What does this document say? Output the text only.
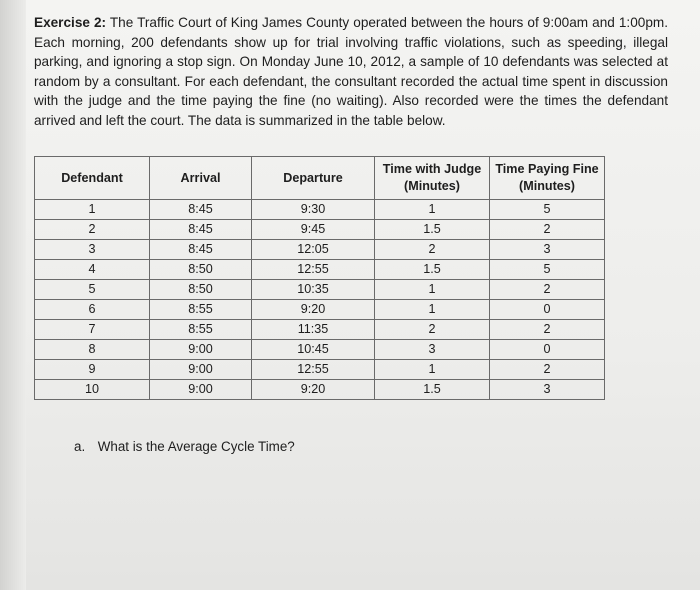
Exercise 2: The Traffic Court of King James County operated between the hours of 9:00am and 1:00pm. Each morning, 200 defendants show up for trial involving traffic violations, such as speeding, illegal parking, and ignoring a stop sign. On Monday June 10, 2012, a sample of 10 defendants was selected at random by a consultant. For each defendant, the consultant recorded the actual time spent in discussion with the judge and the time paying the fine (no waiting). Also recorded were the times the defendant arrived and left the court. The data is summarized in the table below.
Defendant	Arrival	Departure	Time with Judge (Minutes)	Time Paying Fine (Minutes)
1	8:45	9:30	1	5
2	8:45	9:45	1.5	2
3	8:45	12:05	2	3
4	8:50	12:55	1.5	5
5	8:50	10:35	1	2
6	8:55	9:20	1	0
7	8:55	11:35	2	2
8	9:00	10:45	3	0
9	9:00	12:55	1	2
10	9:00	9:20	1.5	3
a. What is the Average Cycle Time?
